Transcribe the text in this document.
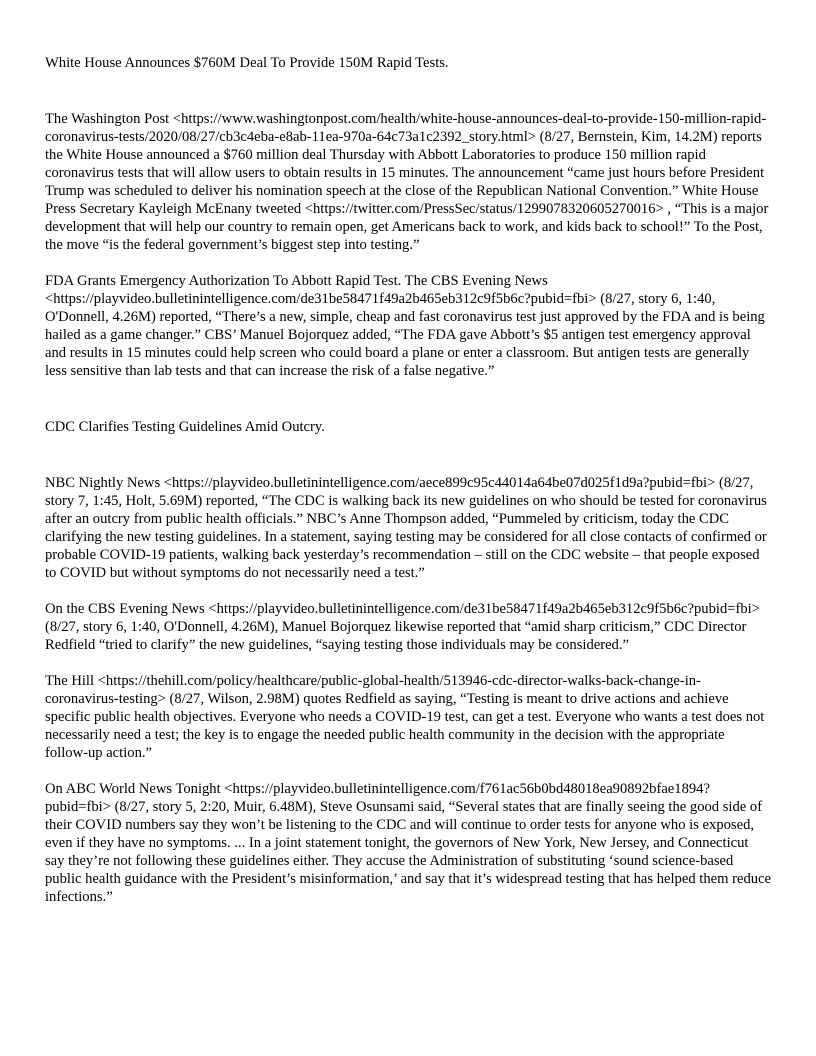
White House Announces $760M Deal To Provide 150M Rapid Tests.

The Washington Post <https://www.washingtonpost.com/health/white-house-announces-deal-to-provide-150-million-rapid-coronavirus-tests/2020/08/27/cb3c4eba-e8ab-11ea-970a-64c73a1c2392_story.html> (8/27, Bernstein, Kim, 14.2M) reports the White House announced a $760 million deal Thursday with Abbott Laboratories to produce 150 million rapid coronavirus tests that will allow users to obtain results in 15 minutes. The announcement “came just hours before President Trump was scheduled to deliver his nomination speech at the close of the Republican National Convention.” White House Press Secretary Kayleigh McEnany tweeted <https://twitter.com/PressSec/status/1299078320605270016> , “This is a major development that will help our country to remain open, get Americans back to work, and kids back to school!” To the Post, the move “is the federal government’s biggest step into testing.”

FDA Grants Emergency Authorization To Abbott Rapid Test. The CBS Evening News <https://playvideo.bulletinintelligence.com/de31be58471f49a2b465eb312c9f5b6c?pubid=fbi> (8/27, story 6, 1:40, O'Donnell, 4.26M) reported, “There’s a new, simple, cheap and fast coronavirus test just approved by the FDA and is being hailed as a game changer.” CBS’ Manuel Bojorquez added, “The FDA gave Abbott’s $5 antigen test emergency approval and results in 15 minutes could help screen who could board a plane or enter a classroom. But antigen tests are generally less sensitive than lab tests and that can increase the risk of a false negative.”

CDC Clarifies Testing Guidelines Amid Outcry.

NBC Nightly News <https://playvideo.bulletinintelligence.com/aece899c95c44014a64be07d025f1d9a?pubid=fbi> (8/27, story 7, 1:45, Holt, 5.69M) reported, “The CDC is walking back its new guidelines on who should be tested for coronavirus after an outcry from public health officials.” NBC’s Anne Thompson added, “Pummeled by criticism, today the CDC clarifying the new testing guidelines. In a statement, saying testing may be considered for all close contacts of confirmed or probable COVID-19 patients, walking back yesterday’s recommendation – still on the CDC website – that people exposed to COVID but without symptoms do not necessarily need a test.”

On the CBS Evening News <https://playvideo.bulletinintelligence.com/de31be58471f49a2b465eb312c9f5b6c?pubid=fbi> (8/27, story 6, 1:40, O'Donnell, 4.26M), Manuel Bojorquez likewise reported that “amid sharp criticism,” CDC Director Redfield “tried to clarify” the new guidelines, “saying testing those individuals may be considered.”

The Hill <https://thehill.com/policy/healthcare/public-global-health/513946-cdc-director-walks-back-change-in-coronavirus-testing> (8/27, Wilson, 2.98M) quotes Redfield as saying, “Testing is meant to drive actions and achieve specific public health objectives. Everyone who needs a COVID-19 test, can get a test. Everyone who wants a test does not necessarily need a test; the key is to engage the needed public health community in the decision with the appropriate follow-up action.”

On ABC World News Tonight <https://playvideo.bulletinintelligence.com/f761ac56b0bd48018ea90892bfae1894?pubid=fbi> (8/27, story 5, 2:20, Muir, 6.48M), Steve Osunsami said, “Several states that are finally seeing the good side of their COVID numbers say they won’t be listening to the CDC and will continue to order tests for anyone who is exposed, even if they have no symptoms. ... In a joint statement tonight, the governors of New York, New Jersey, and Connecticut say they’re not following these guidelines either. They accuse the Administration of substituting ‘sound science-based public health guidance with the President’s misinformation,’ and say that it’s widespread testing that has helped them reduce infections.”
